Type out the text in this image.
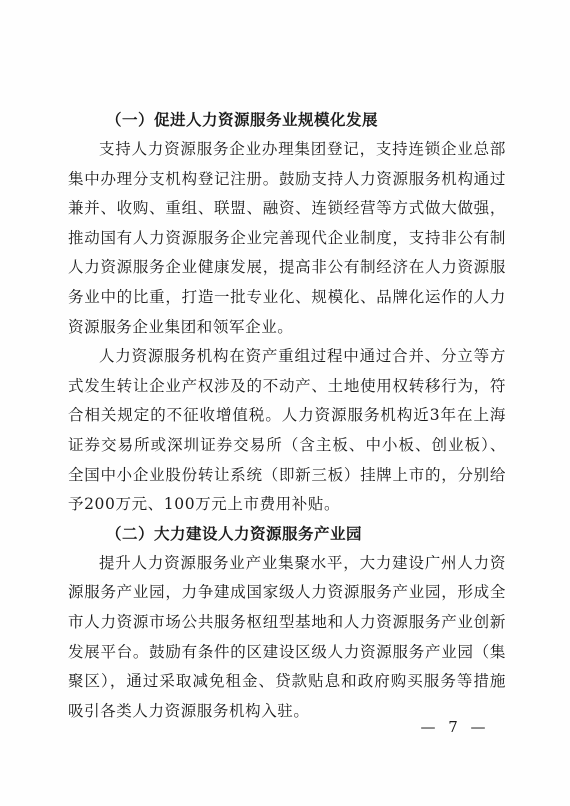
（一）促进人力资源服务业规模化发展

支持人力资源服务企业办理集团登记，支持连锁企业总部集中办理分支机构登记注册。鼓励支持人力资源服务机构通过兼并、收购、重组、联盟、融资、连锁经营等方式做大做强，推动国有人力资源服务企业完善现代企业制度，支持非公有制人力资源服务企业健康发展，提高非公有制经济在人力资源服务业中的比重，打造一批专业化、规模化、品牌化运作的人力资源服务企业集团和领军企业。

人力资源服务机构在资产重组过程中通过合并、分立等方式发生转让企业产权涉及的不动产、土地使用权转移行为，符合相关规定的不征收增值税。人力资源服务机构近3年在上海证券交易所或深圳证券交易所（含主板、中小板、创业板）、全国中小企业股份转让系统（即新三板）挂牌上市的，分别给予200万元、100万元上市费用补贴。

（二）大力建设人力资源服务产业园

提升人力资源服务业产业集聚水平，大力建设广州人力资源服务产业园，力争建成国家级人力资源服务产业园，形成全市人力资源市场公共服务枢纽型基地和人力资源服务产业创新发展平台。鼓励有条件的区建设区级人力资源服务产业园（集聚区），通过采取减免租金、贷款贴息和政府购买服务等措施吸引各类人力资源服务机构入驻。

— 7 —
